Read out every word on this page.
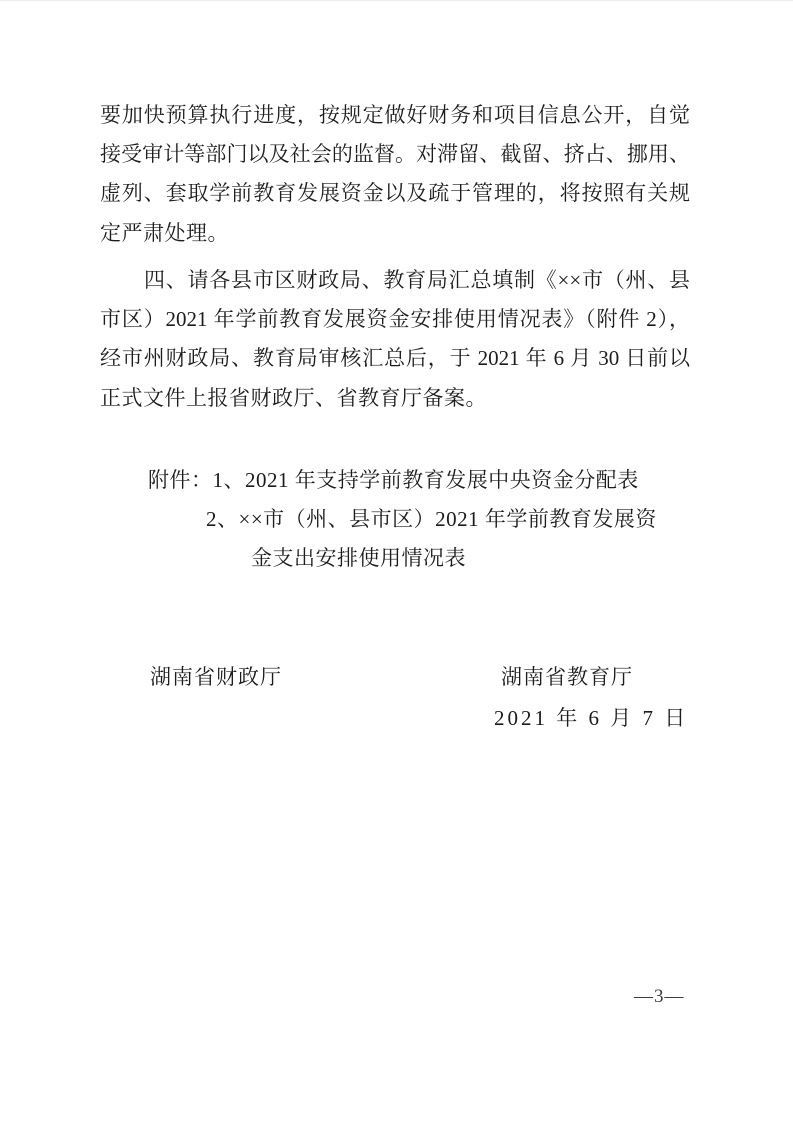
要加快预算执行进度，按规定做好财务和项目信息公开，自觉
接受审计等部门以及社会的监督。对滞留、截留、挤占、挪用、
虚列、套取学前教育发展资金以及疏于管理的，将按照有关规
定严肃处理。
四、请各县市区财政局、教育局汇总填制《××市（州、县
市区）2021 年学前教育发展资金安排使用情况表》（附件 2），
经市州财政局、教育局审核汇总后，于 2021 年 6 月 30 日前以
正式文件上报省财政厅、省教育厅备案。
附件：1、2021 年支持学前教育发展中央资金分配表
2、××市（州、县市区）2021 年学前教育发展资
金支出安排使用情况表
湖南省财政厅	湖南省教育厅
2021 年 6 月 7 日
—3—
